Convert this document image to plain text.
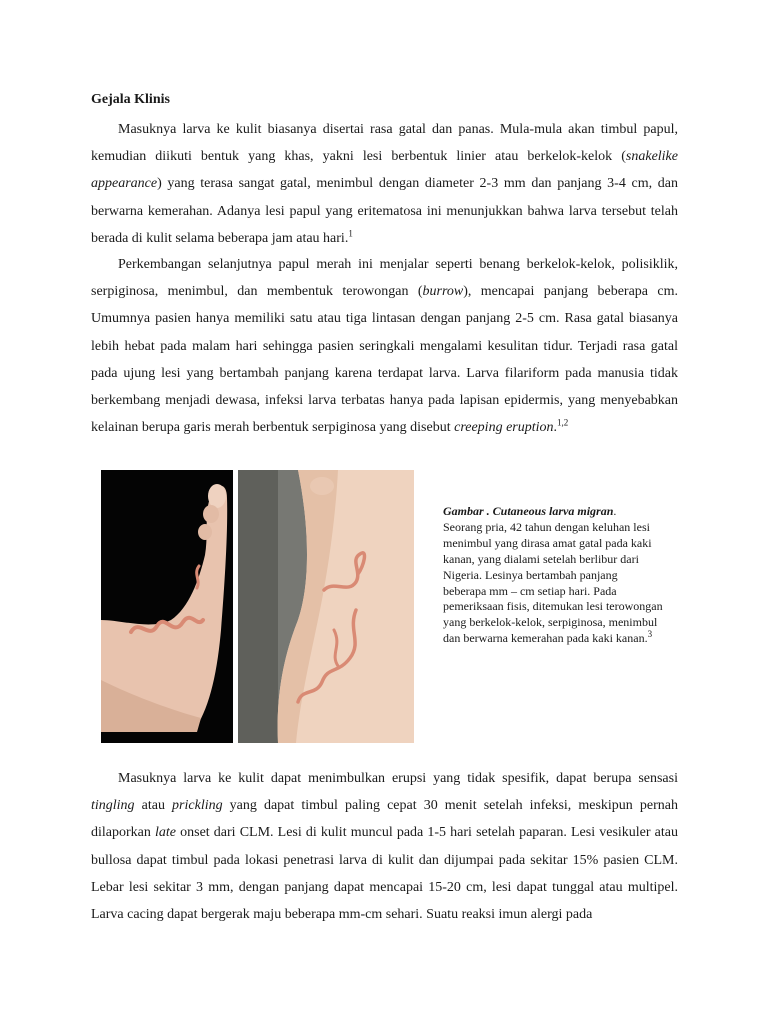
Gejala Klinis

Masuknya larva ke kulit biasanya disertai rasa gatal dan panas. Mula-mula akan timbul papul, kemudian diikuti bentuk yang khas, yakni lesi berbentuk linier atau berkelok-kelok (snakelike appearance) yang terasa sangat gatal, menimbul dengan diameter 2-3 mm dan panjang 3-4 cm, dan berwarna kemerahan. Adanya lesi papul yang eritematosa ini menunjukkan bahwa larva tersebut telah berada di kulit selama beberapa jam atau hari.$^1$

Perkembangan selanjutnya papul merah ini menjalar seperti benang berkelok-kelok, polisiklik, serpiginosa, menimbul, dan membentuk terowongan (burrow), mencapai panjang beberapa cm. Umumnya pasien hanya memiliki satu atau tiga lintasan dengan panjang 2-5 cm. Rasa gatal biasanya lebih hebat pada malam hari sehingga pasien seringkali mengalami kesulitan tidur. Terjadi rasa gatal pada ujung lesi yang bertambah panjang karena terdapat larva. Larva filariform pada manusia tidak berkembang menjadi dewasa, infeksi larva terbatas hanya pada lapisan epidermis, yang menyebabkan kelainan berupa garis merah berbentuk serpiginosa yang disebut creeping eruption.$^{1,2}$

Gambar . Cutaneous larva migran.
Seorang pria, 42 tahun dengan keluhan lesi menimbul yang dirasa amat gatal pada kaki kanan, yang dialami setelah berlibur dari Nigeria. Lesinya bertambah panjang beberapa mm – cm setiap hari. Pada pemeriksaan fisis, ditemukan lesi terowongan yang berkelok-kelok, serpiginosa, menimbul dan berwarna kemerahan pada kaki kanan.$^3$

Masuknya larva ke kulit dapat menimbulkan erupsi yang tidak spesifik, dapat berupa sensasi tingling atau prickling yang dapat timbul paling cepat 30 menit setelah infeksi, meskipun pernah dilaporkan late onset dari CLM. Lesi di kulit muncul pada 1-5 hari setelah paparan. Lesi vesikuler atau bullosa dapat timbul pada lokasi penetrasi larva di kulit dan dijumpai pada sekitar 15% pasien CLM. Lebar lesi sekitar 3 mm, dengan panjang dapat mencapai 15-20 cm, lesi dapat tunggal atau multipel. Larva cacing dapat bergerak maju beberapa mm-cm sehari. Suatu reaksi imun alergi pada
